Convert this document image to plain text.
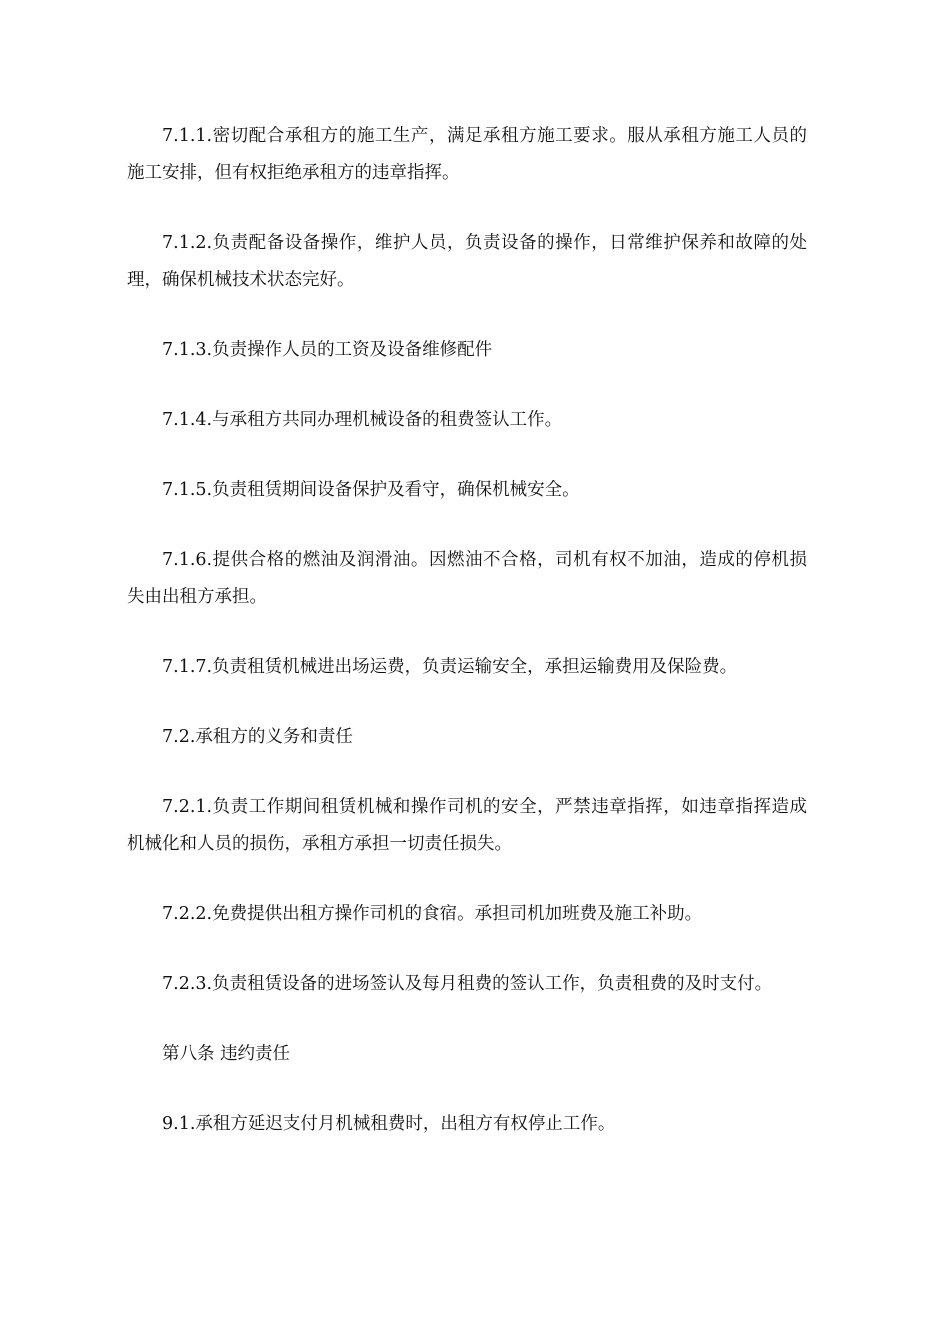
7.1.1.密切配合承租方的施工生产，满足承租方施工要求。服从承租方施工人员的施工安排，但有权拒绝承租方的违章指挥。

7.1.2.负责配备设备操作，维护人员，负责设备的操作，日常维护保养和故障的处理，确保机械技术状态完好。

7.1.3.负责操作人员的工资及设备维修配件

7.1.4.与承租方共同办理机械设备的租费签认工作。

7.1.5.负责租赁期间设备保护及看守，确保机械安全。

7.1.6.提供合格的燃油及润滑油。因燃油不合格，司机有权不加油，造成的停机损失由出租方承担。

7.1.7.负责租赁机械进出场运费，负责运输安全，承担运输费用及保险费。

7.2.承租方的义务和责任

7.2.1.负责工作期间租赁机械和操作司机的安全，严禁违章指挥，如违章指挥造成机械化和人员的损伤，承租方承担一切责任损失。

7.2.2.免费提供出租方操作司机的食宿。承担司机加班费及施工补助。

7.2.3.负责租赁设备的进场签认及每月租费的签认工作，负责租费的及时支付。

第八条 违约责任

9.1.承租方延迟支付月机械租费时，出租方有权停止工作。
